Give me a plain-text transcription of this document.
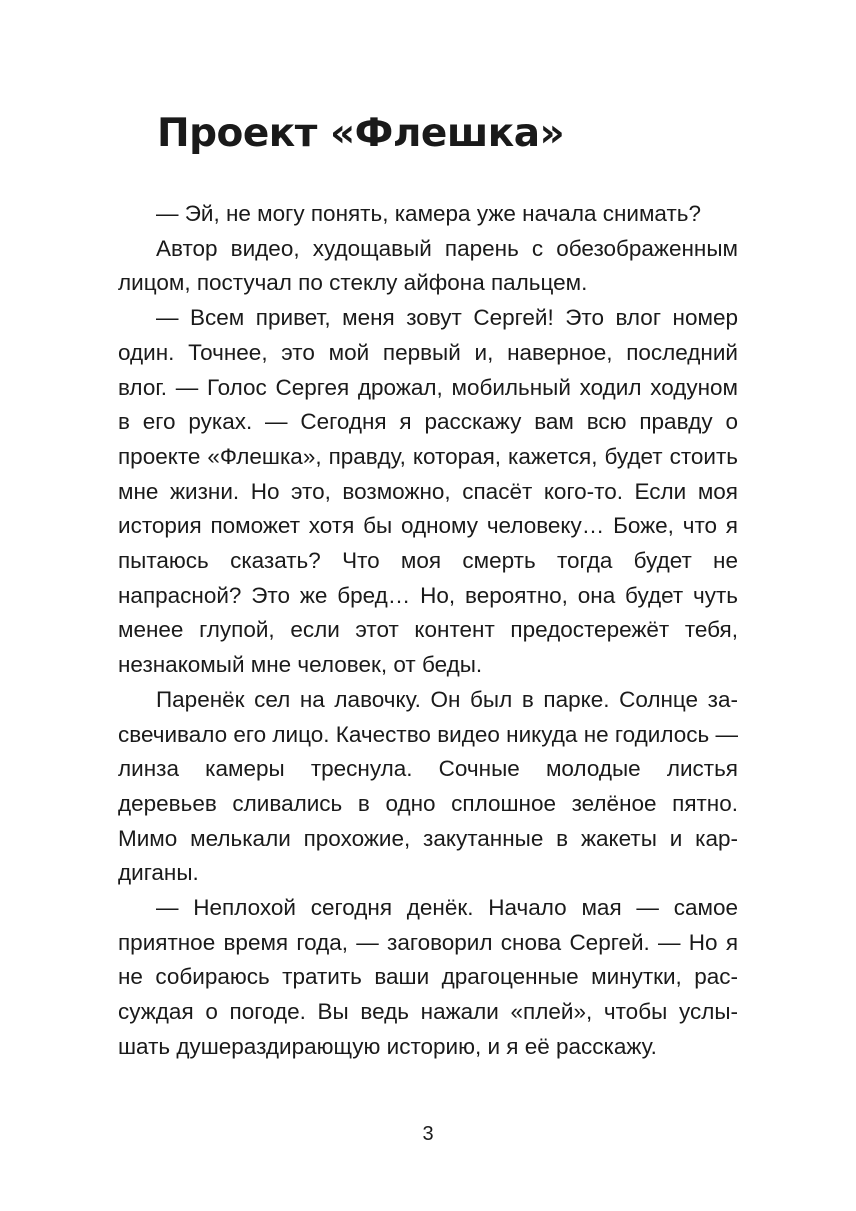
Проект «Флешка»

— Эй, не могу понять, камера уже начала снимать?

Автор видео, худощавый парень с обезображенным лицом, постучал по стеклу айфона пальцем.

— Всем привет, меня зовут Сергей! Это влог номер один. Точнее, это мой первый и, наверное, последний влог. — Голос Сергея дрожал, мобильный ходил ходуном в его руках. — Сегодня я расскажу вам всю правду о проекте «Флешка», правду, которая, кажется, будет стоить мне жизни. Но это, возможно, спасёт кого-то. Если моя история поможет хотя бы одному человеку… Боже, что я пытаюсь сказать? Что моя смерть тогда будет не напрасной? Это же бред… Но, вероятно, она будет чуть менее глупой, если этот контент предостережёт тебя, незнакомый мне человек, от беды.

Паренёк сел на лавочку. Он был в парке. Солнце засвечивало его лицо. Качество видео никуда не годилось — линза камеры треснула. Сочные молодые листья деревьев сливались в одно сплошное зелёное пятно. Мимо мелькали прохожие, закутанные в жакеты и кардиганы.

— Неплохой сегодня денёк. Начало мая — самое приятное время года, — заговорил снова Сергей. — Но я не собираюсь тратить ваши драгоценные минутки, рассуждая о погоде. Вы ведь нажали «плей», чтобы услышать душераздирающую историю, и я её расскажу.

3
